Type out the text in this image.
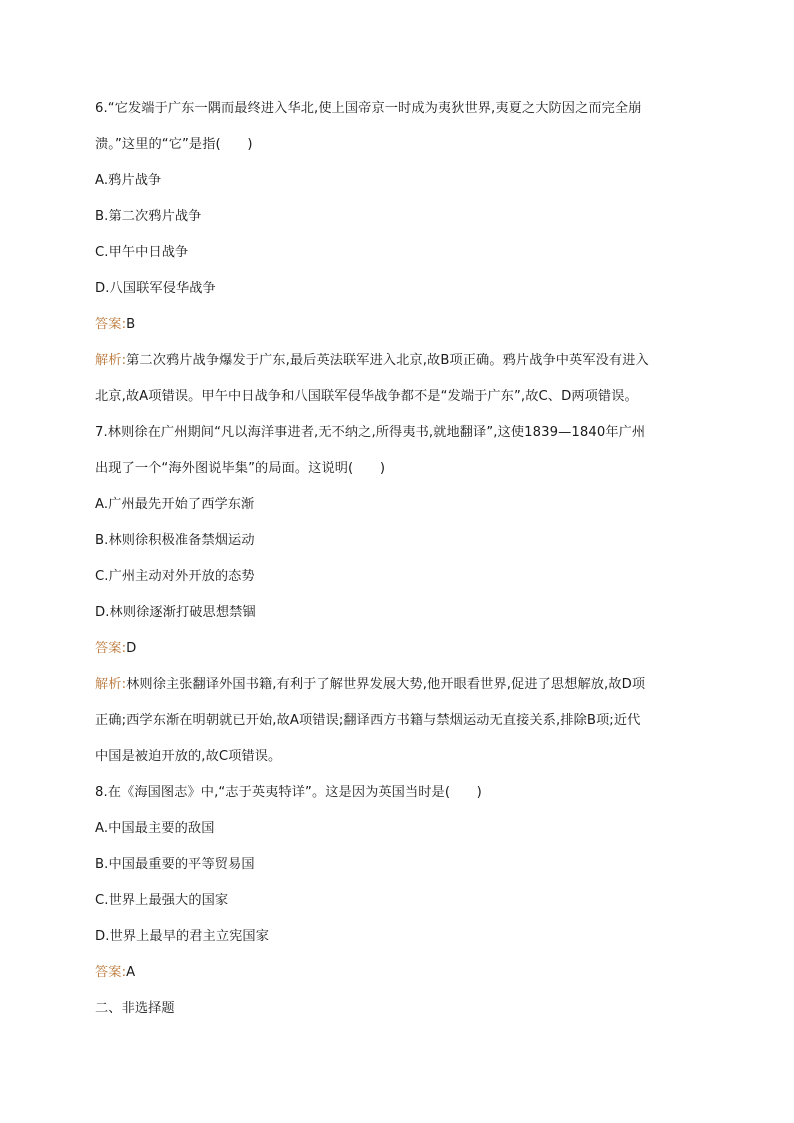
6.“它发端于广东一隅而最终进入华北,使上国帝京一时成为夷狄世界,夷夏之大防因之而完全崩
溃。”这里的“它”是指(　　)
A.鸦片战争
B.第二次鸦片战争
C.甲午中日战争
D.八国联军侵华战争
答案:B
解析:第二次鸦片战争爆发于广东,最后英法联军进入北京,故B项正确。鸦片战争中英军没有进入
北京,故A项错误。甲午中日战争和八国联军侵华战争都不是“发端于广东”,故C、D两项错误。
7.林则徐在广州期间“凡以海洋事进者,无不纳之,所得夷书,就地翻译”,这使1839—1840年广州
出现了一个“海外图说毕集”的局面。这说明(　　)
A.广州最先开始了西学东渐
B.林则徐积极准备禁烟运动
C.广州主动对外开放的态势
D.林则徐逐渐打破思想禁锢
答案:D
解析:林则徐主张翻译外国书籍,有利于了解世界发展大势,他开眼看世界,促进了思想解放,故D项
正确;西学东渐在明朝就已开始,故A项错误;翻译西方书籍与禁烟运动无直接关系,排除B项;近代
中国是被迫开放的,故C项错误。
8.在《海国图志》中,“志于英夷特详”。这是因为英国当时是(　　)
A.中国最主要的敌国
B.中国最重要的平等贸易国
C.世界上最强大的国家
D.世界上最早的君主立宪国家
答案:A
二、非选择题
